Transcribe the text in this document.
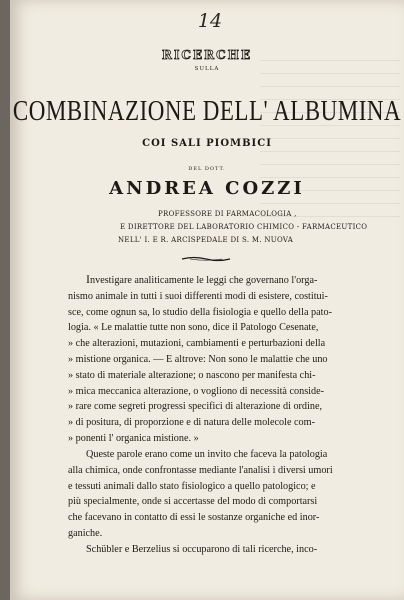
14
RICERCHE
SULLA
COMBINAZIONE DELL' ALBUMINA
COI SALI PIOMBICI
DEL DOTT.
ANDREA COZZI
PROFESSORE DI FARMACOLOGIA ,
E DIRETTORE DEL LABORATORIO CHIMICO - FARMACEUTICO
NELL' I. E R. ARCISPEDALE DI S. M. NUOVA
Investigare analiticamente le leggi che governano l'orga-
nismo animale in tutti i suoi differenti modi di esistere, costitui-
sce, come ognun sa, lo studio della fisiologia e quello della pato-
logia. « Le malattie tutte non sono, dice il Patologo Cesenate,
» che alterazioni, mutazioni, cambiamenti e perturbazioni della
» mistione organica. — E altrove: Non sono le malattie che uno
» stato di materiale alterazione; o nascono per manifesta chi-
» mica meccanica alterazione, o vogliono di necessità conside-
» rare come segreti progressi specifici di alterazione di ordine,
» di positura, di proporzione e di natura delle molecole com-
» ponenti l' organica mistione. »
Queste parole erano come un invito che faceva la patologia
alla chimica, onde confrontasse mediante l'analisi i diversi umori
e tessuti animali dallo stato fisiologico a quello patologico; e
più specialmente, onde si accertasse del modo di comportarsi
che facevano in contatto di essi le sostanze organiche ed inor-
ganiche.
Schübler e Berzelius si occuparono di tali ricerche, inco-
